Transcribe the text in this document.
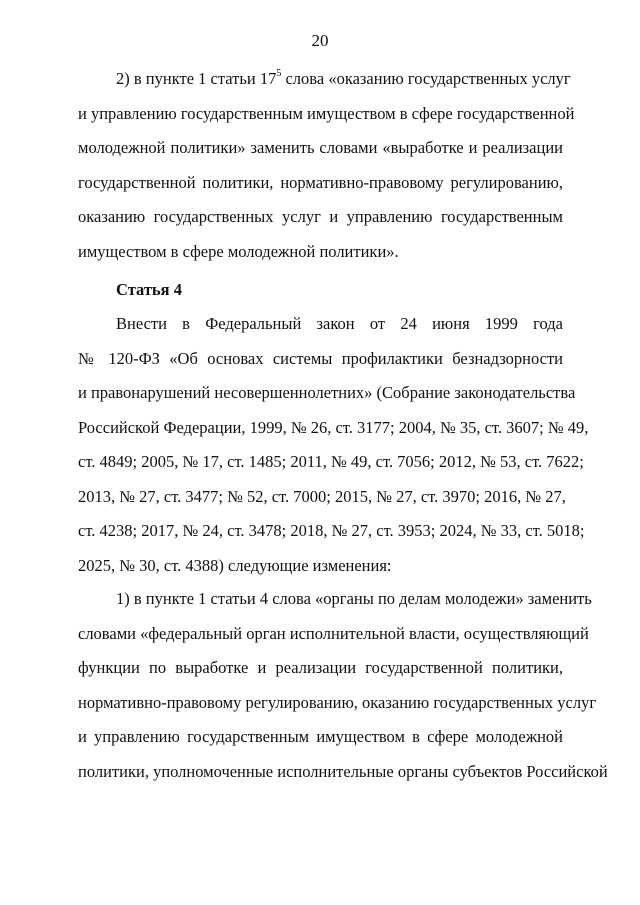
20
2) в пункте 1 статьи $17^5$ слова «оказанию государственных услуг
и управлению государственным имуществом в сфере государственной
молодежной политики» заменить словами «выработке и реализации
государственной политики, нормативно-правовому регулированию,
оказанию государственных услуг и управлению государственным
имуществом в сфере молодежной политики».
Статья 4
Внести в Федеральный закон от 24 июня 1999 года
№ 120-ФЗ «Об основах системы профилактики безнадзорности
и правонарушений несовершеннолетних» (Собрание законодательства
Российской Федерации, 1999, № 26, ст. 3177; 2004, № 35, ст. 3607; № 49,
ст. 4849; 2005, № 17, ст. 1485; 2011, № 49, ст. 7056; 2012, № 53, ст. 7622;
2013, № 27, ст. 3477; № 52, ст. 7000; 2015, № 27, ст. 3970; 2016, № 27,
ст. 4238; 2017, № 24, ст. 3478; 2018, № 27, ст. 3953; 2024, № 33, ст. 5018;
2025, № 30, ст. 4388) следующие изменения:
1) в пункте 1 статьи 4 слова «органы по делам молодежи» заменить
словами «федеральный орган исполнительной власти, осуществляющий
функции по выработке и реализации государственной политики,
нормативно-правовому регулированию, оказанию государственных услуг
и управлению государственным имуществом в сфере молодежной
политики, уполномоченные исполнительные органы субъектов Российской
